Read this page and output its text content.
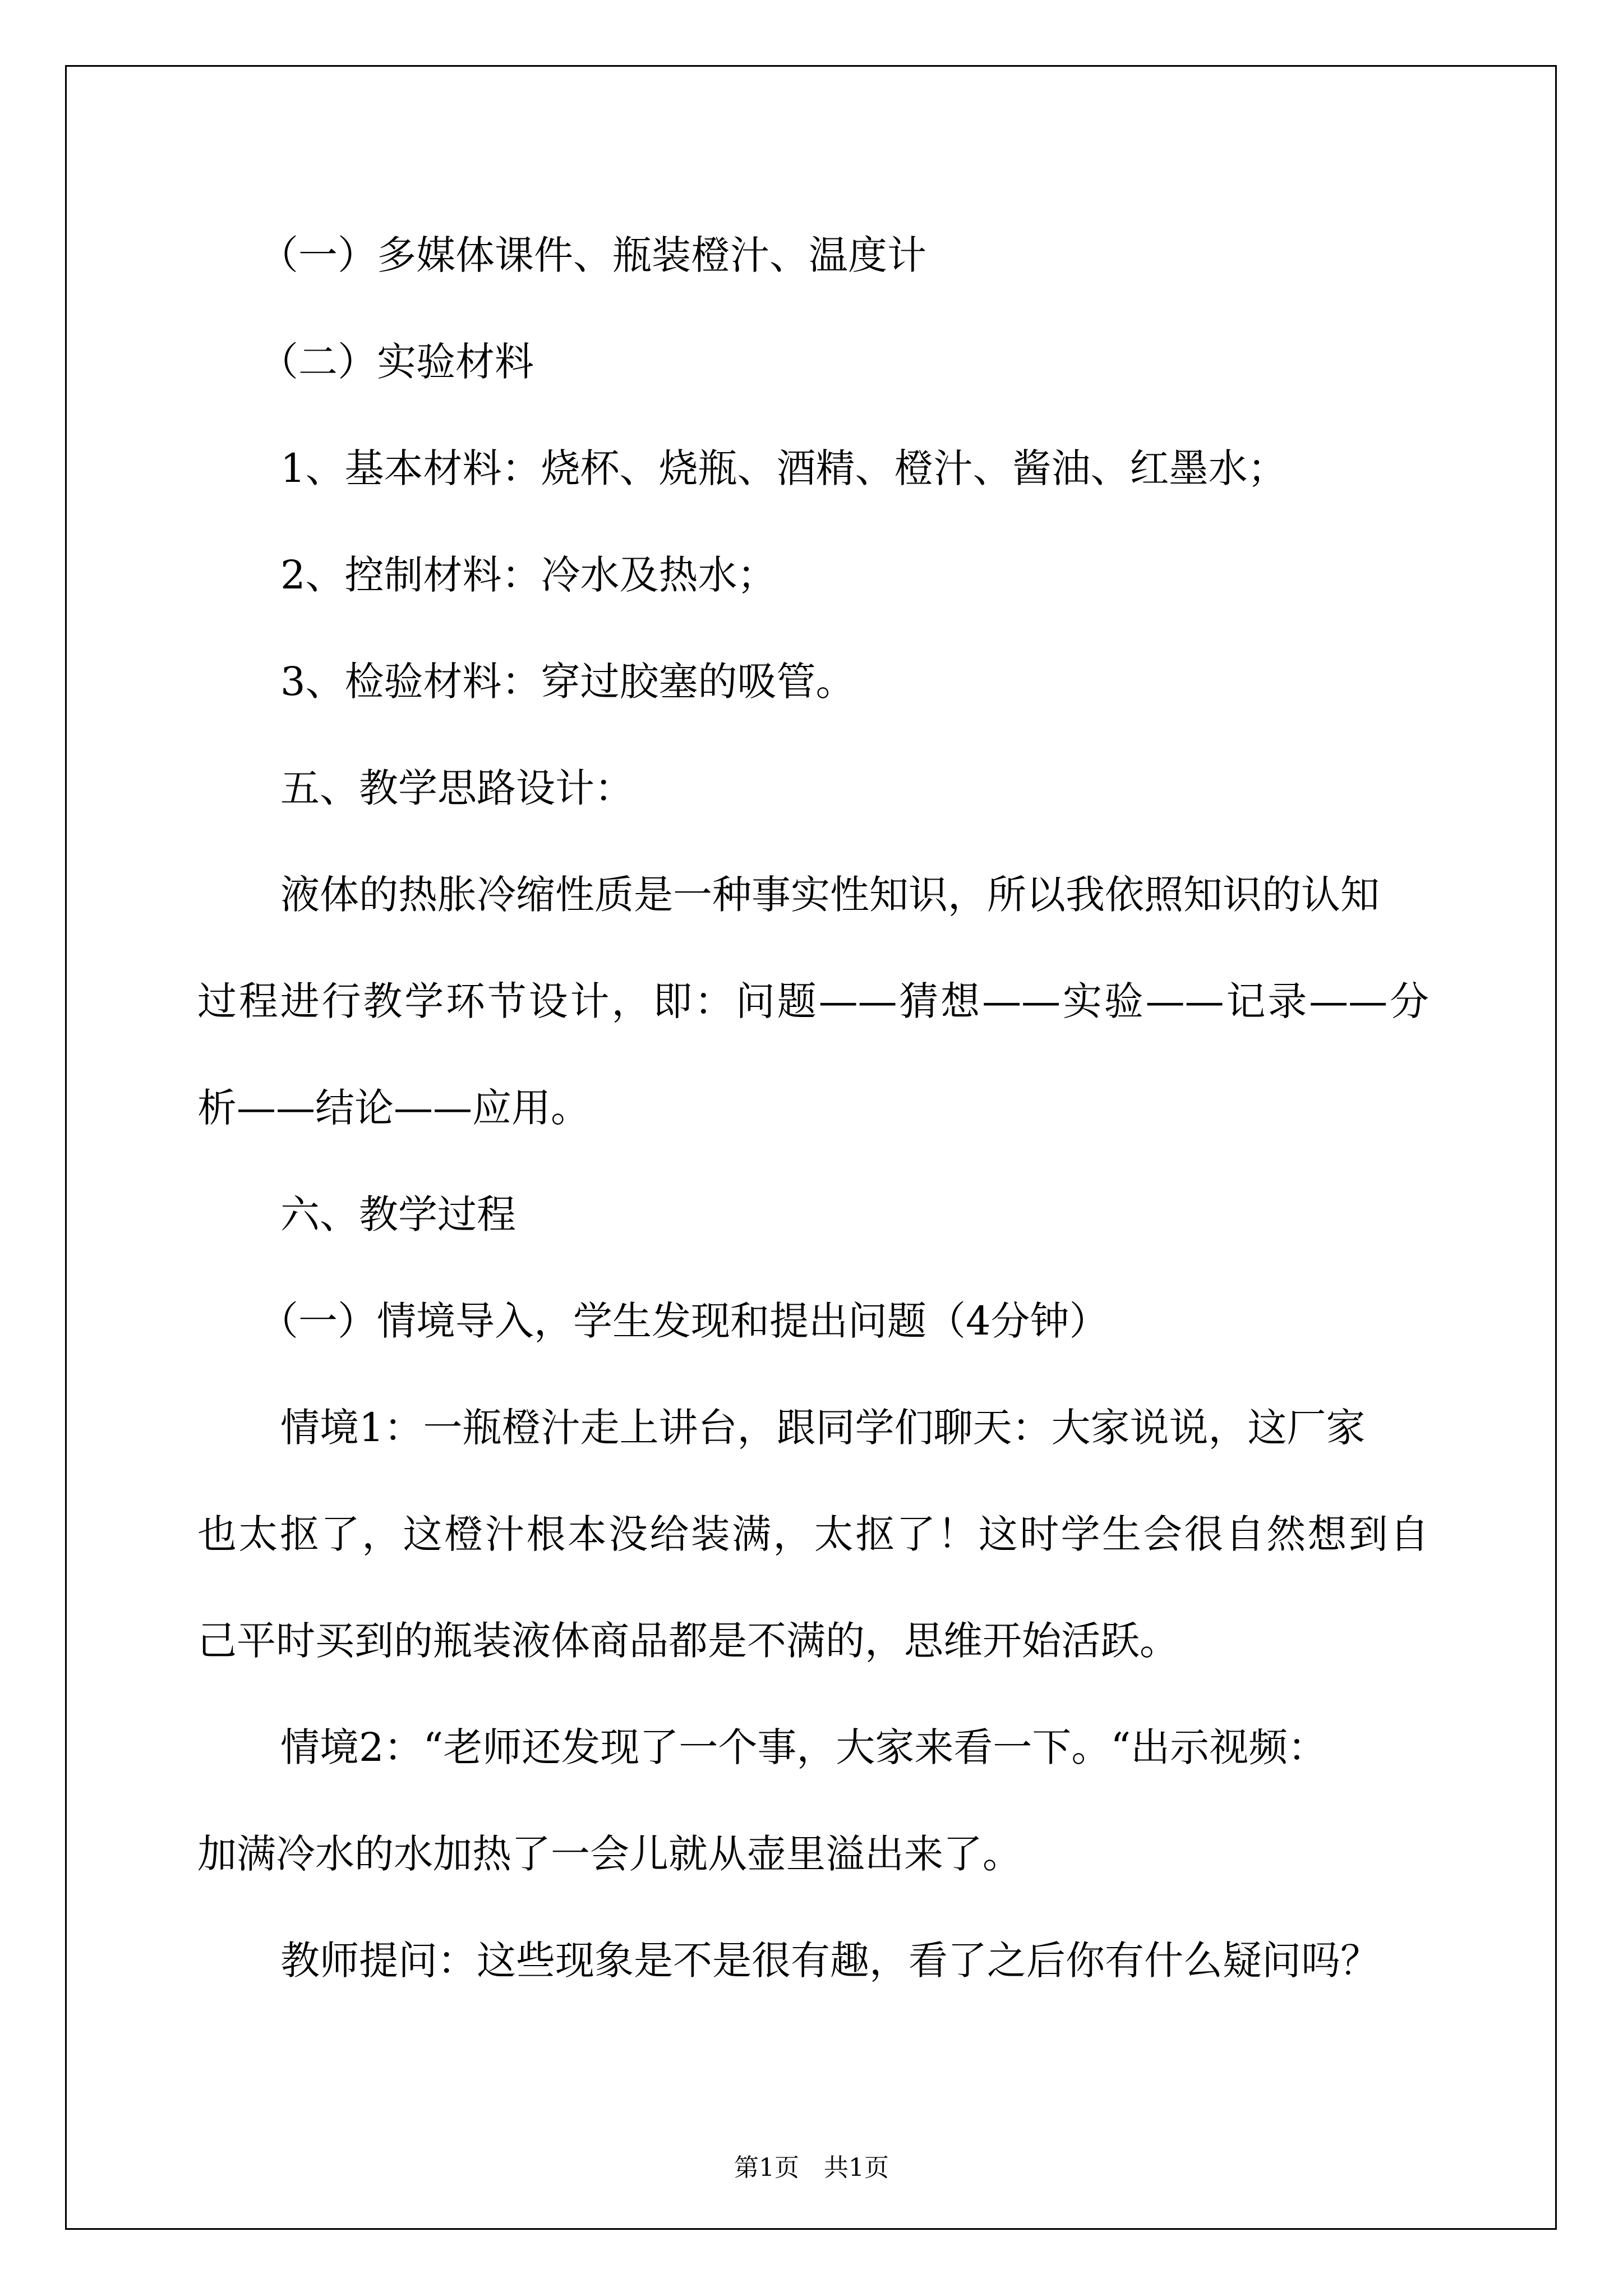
（一）多媒体课件、瓶装橙汁、温度计
（二）实验材料
1、基本材料：烧杯、烧瓶、酒精、橙汁、酱油、红墨水；
2、控制材料：冷水及热水；
3、检验材料：穿过胶塞的吸管。
五、教学思路设计：
液体的热胀冷缩性质是一种事实性知识，所以我依照知识的认知
过程进行教学环节设计，即：问题——猜想——实验——记录——分
析——结论——应用。
六、教学过程
（一）情境导入，学生发现和提出问题（4分钟）
情境1：一瓶橙汁走上讲台，跟同学们聊天：大家说说，这厂家
也太抠了，这橙汁根本没给装满，太抠了！这时学生会很自然想到自
己平时买到的瓶装液体商品都是不满的，思维开始活跃。
情境2：“老师还发现了一个事，大家来看一下。“出示视频：
加满冷水的水加热了一会儿就从壶里溢出来了。
教师提问：这些现象是不是很有趣，看了之后你有什么疑问吗？
第1页　共1页
